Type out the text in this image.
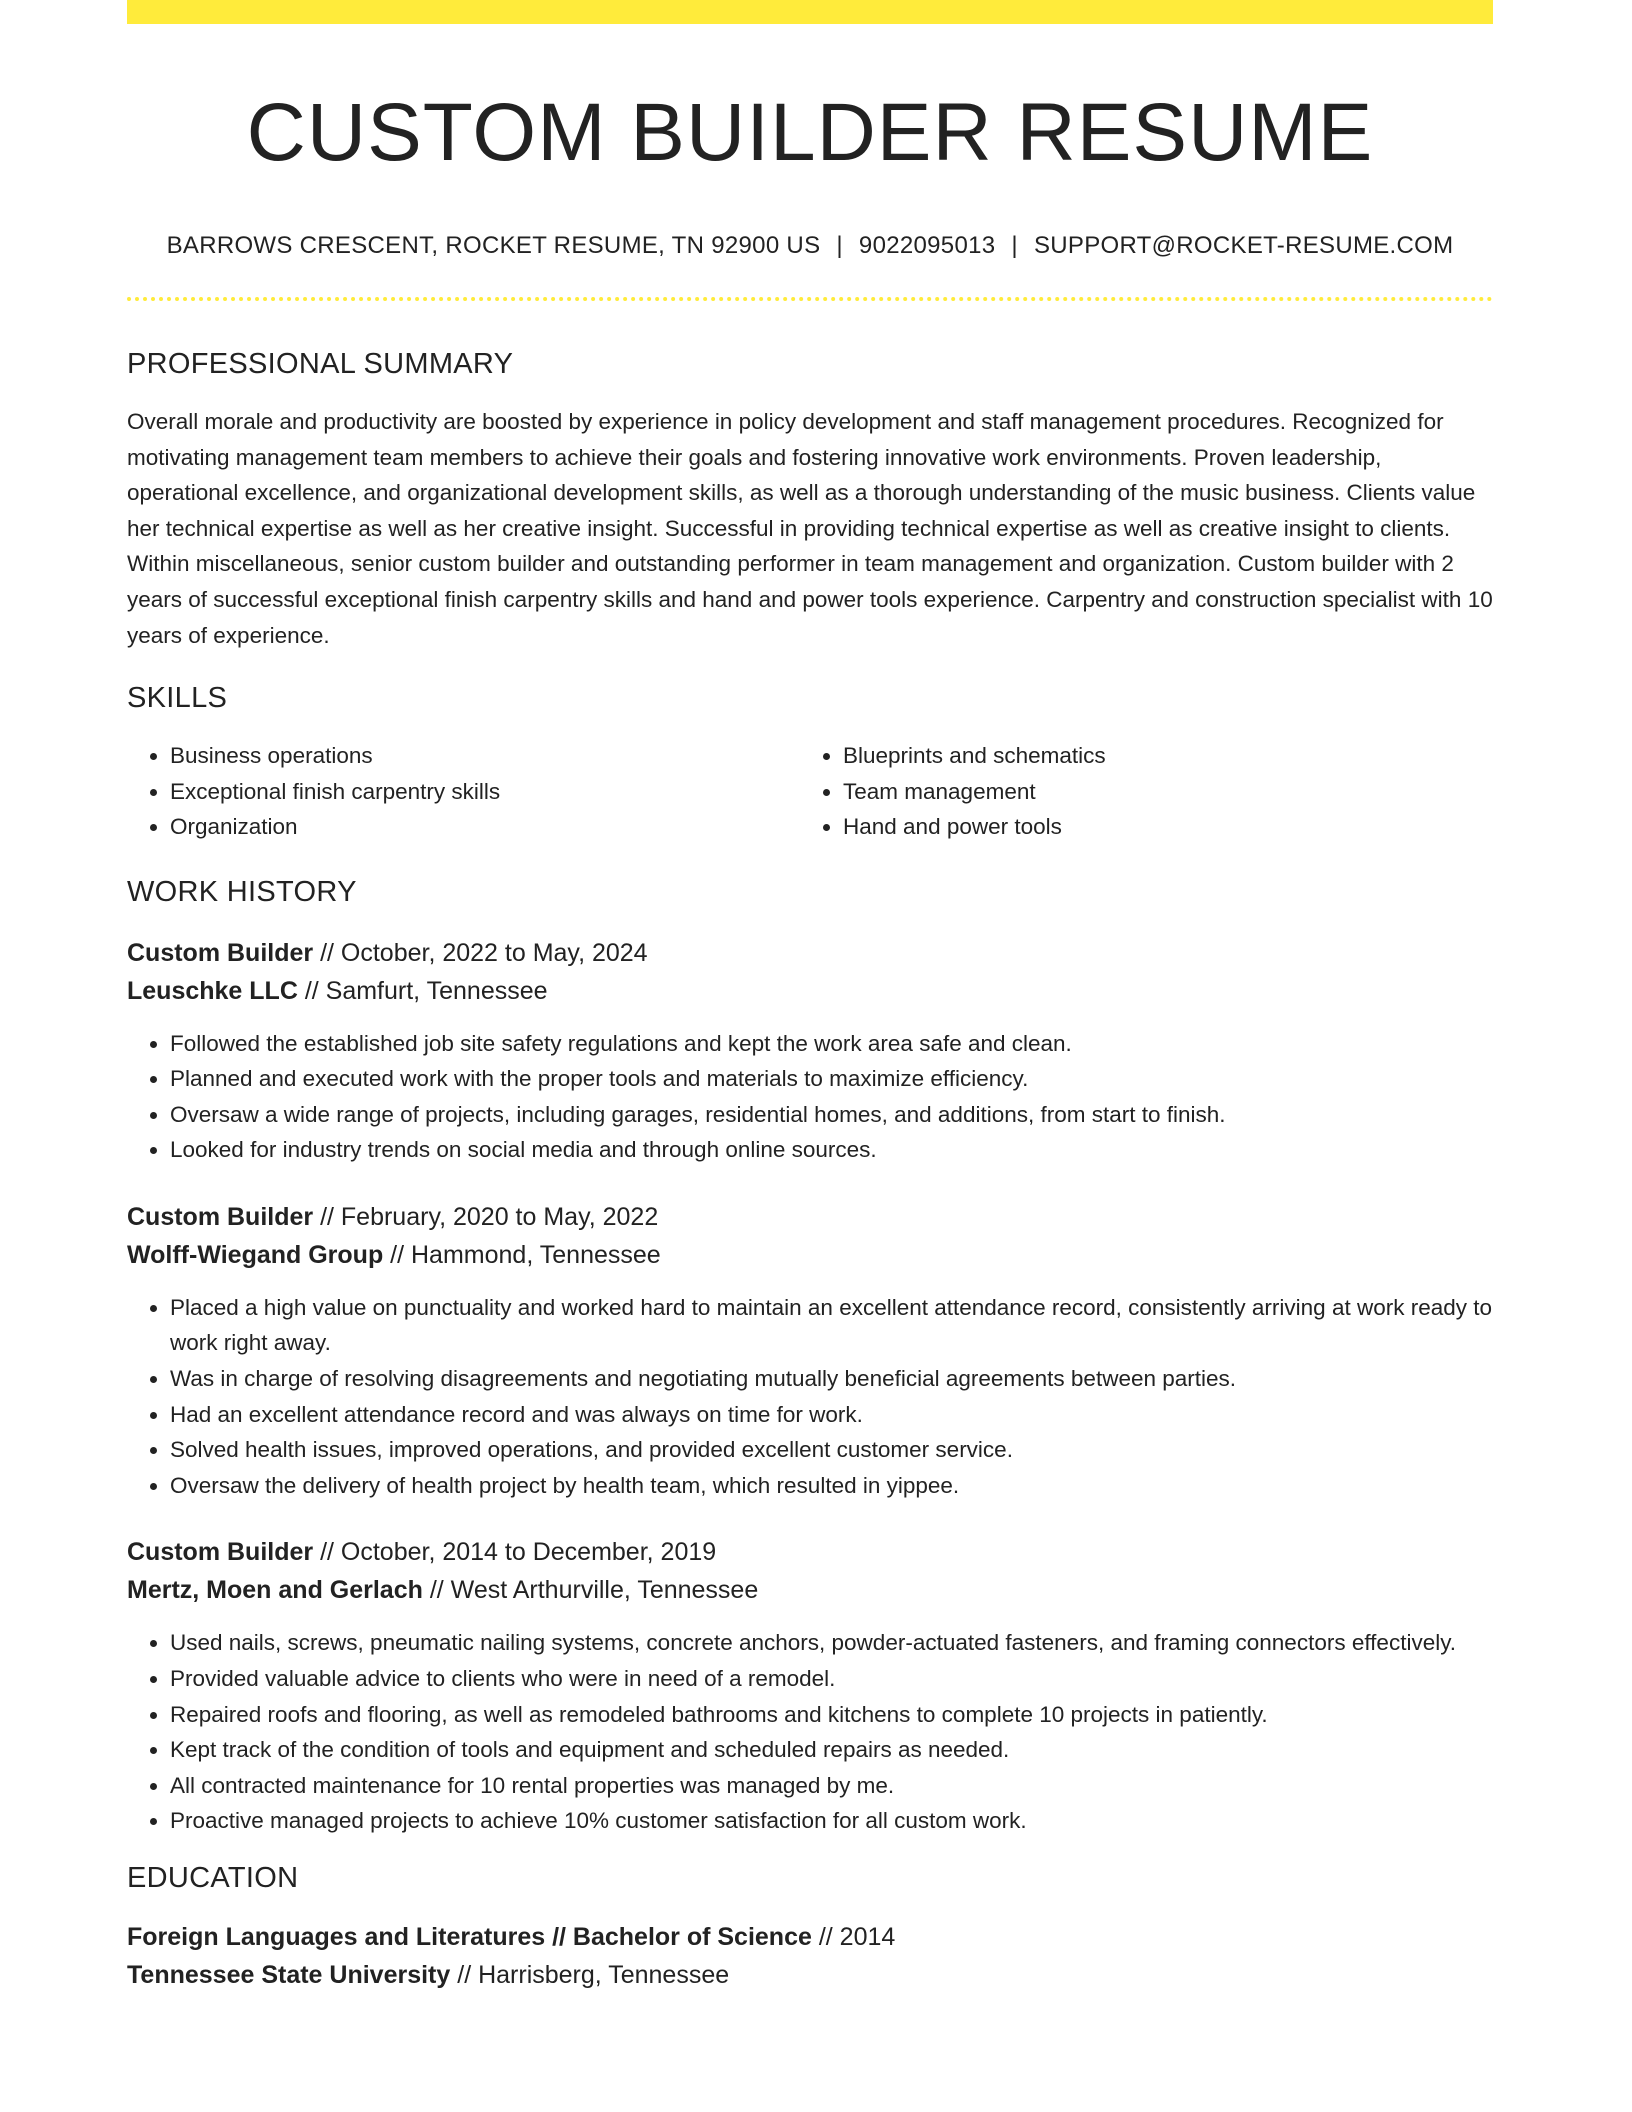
CUSTOM BUILDER RESUME
BARROWS CRESCENT, ROCKET RESUME, TN 92900 US | 9022095013 | SUPPORT@ROCKET-RESUME.COM
PROFESSIONAL SUMMARY

Overall morale and productivity are boosted by experience in policy development and staff management procedures. Recognized for motivating management team members to achieve their goals and fostering innovative work environments. Proven leadership, operational excellence, and organizational development skills, as well as a thorough understanding of the music business. Clients value her technical expertise as well as her creative insight. Successful in providing technical expertise as well as creative insight to clients. Within miscellaneous, senior custom builder and outstanding performer in team management and organization. Custom builder with 2 years of successful exceptional finish carpentry skills and hand and power tools experience. Carpentry and construction specialist with 10 years of experience.

SKILLS
• Business operations
• Exceptional finish carpentry skills
• Organization
• Blueprints and schematics
• Team management
• Hand and power tools
WORK HISTORY

Custom Builder // October, 2022 to May, 2024

Leuschke LLC // Samfurt, Tennessee

• Followed the established job site safety regulations and kept the work area safe and clean.
• Planned and executed work with the proper tools and materials to maximize efficiency.
• Oversaw a wide range of projects, including garages, residential homes, and additions, from start to finish.
• Looked for industry trends on social media and through online sources.

Custom Builder // February, 2020 to May, 2022

Wolff-Wiegand Group // Hammond, Tennessee

• Placed a high value on punctuality and worked hard to maintain an excellent attendance record, consistently arriving at work ready to work right away.
• Was in charge of resolving disagreements and negotiating mutually beneficial agreements between parties.
• Had an excellent attendance record and was always on time for work.
• Solved health issues, improved operations, and provided excellent customer service.
• Oversaw the delivery of health project by health team, which resulted in yippee.

Custom Builder // October, 2014 to December, 2019

Mertz, Moen and Gerlach // West Arthurville, Tennessee

• Used nails, screws, pneumatic nailing systems, concrete anchors, powder-actuated fasteners, and framing connectors effectively.
• Provided valuable advice to clients who were in need of a remodel.
• Repaired roofs and flooring, as well as remodeled bathrooms and kitchens to complete 10 projects in patiently.
• Kept track of the condition of tools and equipment and scheduled repairs as needed.
• All contracted maintenance for 10 rental properties was managed by me.
• Proactive managed projects to achieve 10% customer satisfaction for all custom work.
EDUCATION

Foreign Languages and Literatures // Bachelor of Science // 2014

Tennessee State University // Harrisberg, Tennessee
